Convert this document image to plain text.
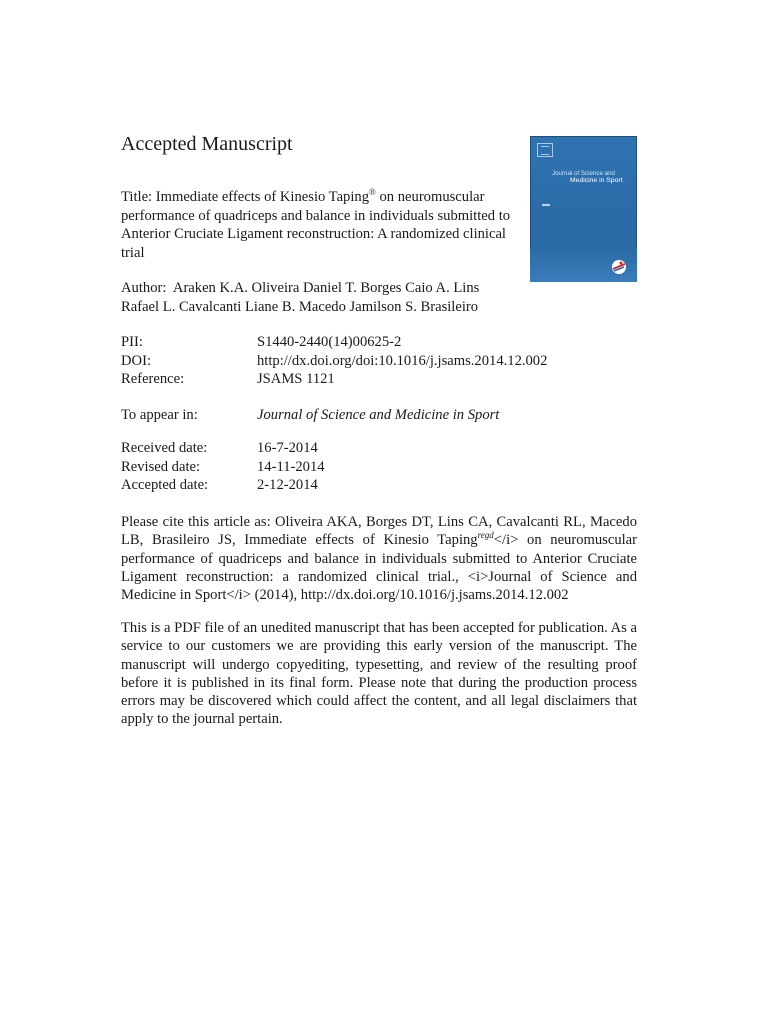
Accepted Manuscript
Title: Immediate effects of Kinesio Taping® on neuromuscular performance of quadriceps and balance in individuals submitted to Anterior Cruciate Ligament reconstruction: A randomized clinical trial
Author: Araken K.A. Oliveira Daniel T. Borges Caio A. Lins Rafael L. Cavalcanti Liane B. Macedo Jamilson S. Brasileiro
PII:	S1440-2440(14)00625-2
DOI:	http://dx.doi.org/doi:10.1016/j.jsams.2014.12.002
Reference:	JSAMS 1121
To appear in:	Journal of Science and Medicine in Sport
Received date:	16-7-2014
Revised date:	14-11-2014
Accepted date:	2-12-2014

Please cite this article as: Oliveira AKA, Borges DT, Lins CA, Cavalcanti RL, Macedo LB, Brasileiro JS, Immediate effects of Kinesio Taping$^{regd}$</i> on neuromuscular performance of quadriceps and balance in individuals submitted to Anterior Cruciate Ligament reconstruction: a randomized clinical trial., <i>Journal of Science and Medicine in Sport</i> (2014), http://dx.doi.org/10.1016/j.jsams.2014.12.002

This is a PDF file of an unedited manuscript that has been accepted for publication. As a service to our customers we are providing this early version of the manuscript. The manuscript will undergo copyediting, typesetting, and review of the resulting proof before it is published in its final form. Please note that during the production process errors may be discovered which could affect the content, and all legal disclaimers that apply to the journal pertain.

Journal of Science and
Medicine in Sport
